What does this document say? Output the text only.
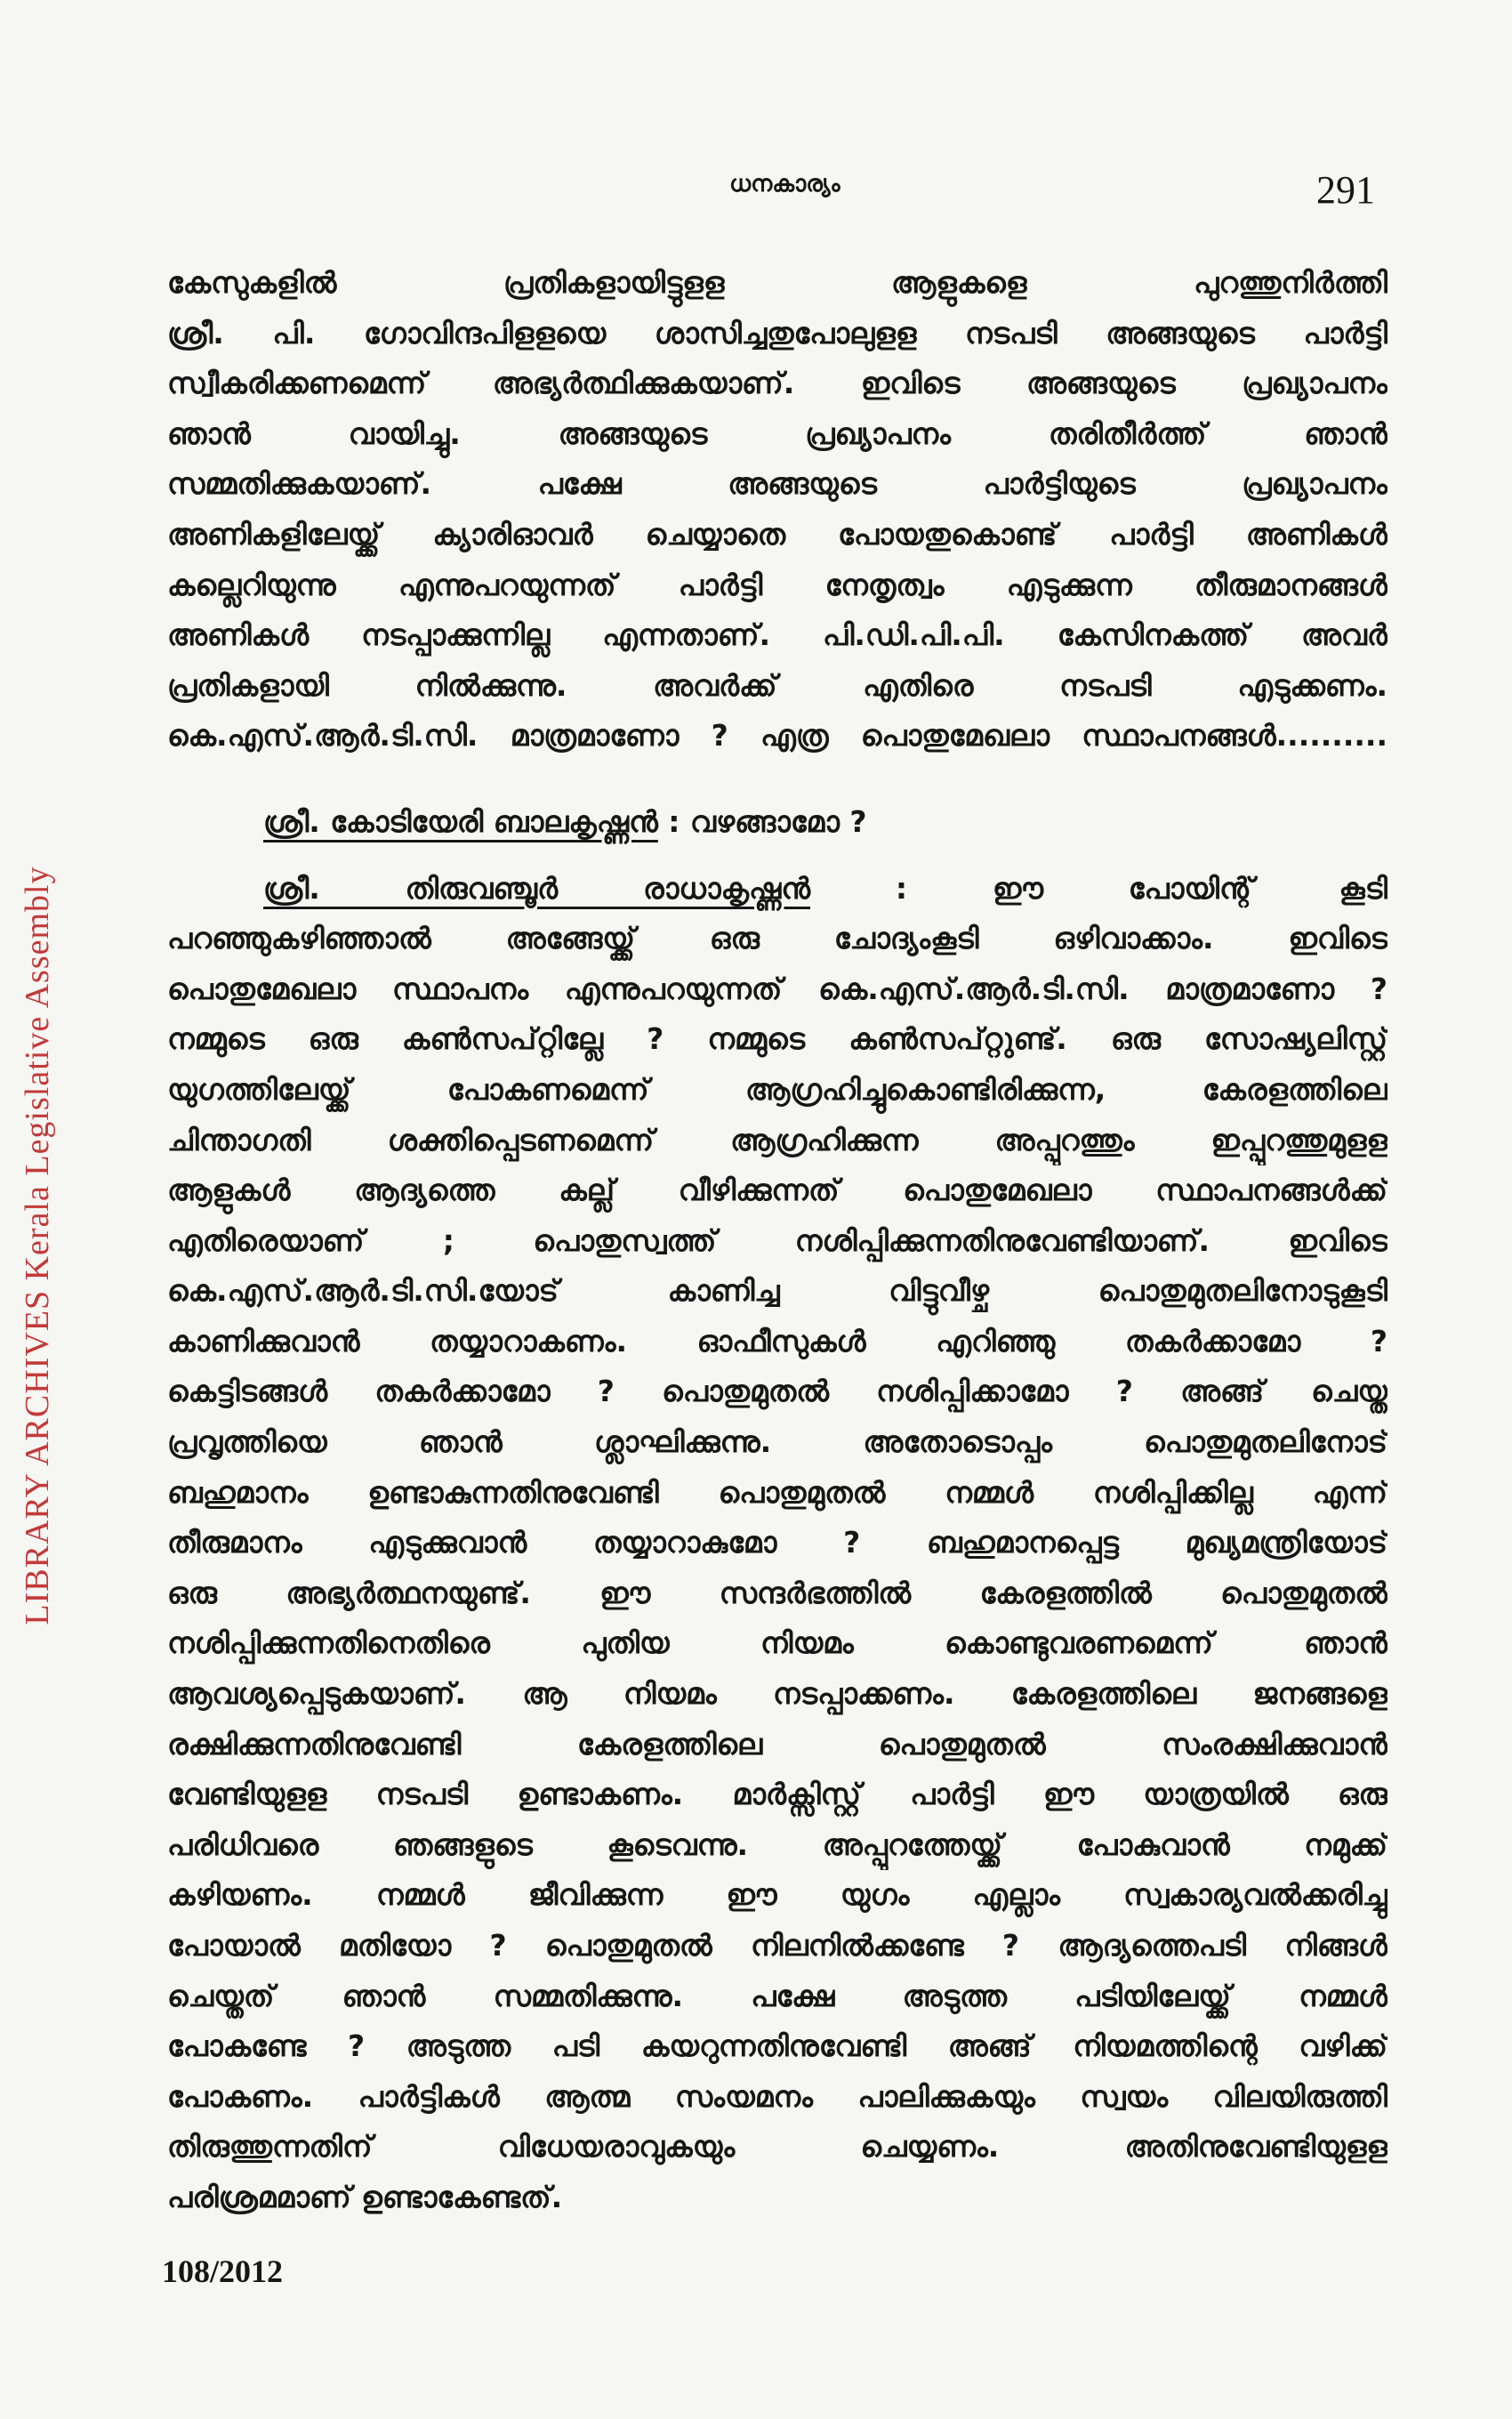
LIBRARY ARCHIVES Kerala Legislative Assembly
ധനകാര്യം	291
കേസുകളിൽ പ്രതികളായിട്ടുളള ആളുകളെ പുറത്തുനിർത്തി
ശ്രീ. പി. ഗോവിന്ദപിളളയെ ശാസിച്ചതുപോലുളള നടപടി അങ്ങയുടെ പാർട്ടി
സ്വീകരിക്കണമെന്ന് അഭ്യർത്ഥിക്കുകയാണ്. ഇവിടെ അങ്ങയുടെ പ്രഖ്യാപനം
ഞാൻ വായിച്ചു. അങ്ങയുടെ പ്രഖ്യാപനം തരിതീർത്ത് ഞാൻ
സമ്മതിക്കുകയാണ്. പക്ഷേ അങ്ങയുടെ പാർട്ടിയുടെ പ്രഖ്യാപനം
അണികളിലേയ്ക്ക് ക്യാരിഓവർ ചെയ്യാതെ പോയതുകൊണ്ട് പാർട്ടി അണികൾ
കല്ലെറിയുന്നു എന്നുപറയുന്നത് പാർട്ടി നേതൃത്വം എടുക്കുന്ന തീരുമാനങ്ങൾ
അണികൾ നടപ്പാക്കുന്നില്ല എന്നതാണ്. പി.ഡി.പി.പി. കേസിനകത്ത് അവർ
പ്രതികളായി നിൽക്കുന്നു. അവർക്ക് എതിരെ നടപടി എടുക്കണം.
കെ.എസ്.ആർ.ടി.സി. മാത്രമാണോ ? എത്ര പൊതുമേഖലാ സ്ഥാപനങ്ങൾ..........
ശ്രീ. കോടിയേരി ബാലകൃഷ്ണൻ : വഴങ്ങാമോ ?
ശ്രീ. തിരുവഞ്ചൂർ രാധാകൃഷ്ണൻ : ഈ പോയിന്റ് കൂടി
പറഞ്ഞുകഴിഞ്ഞാൽ അങ്ങേയ്ക്ക് ഒരു ചോദ്യംകൂടി ഒഴിവാക്കാം. ഇവിടെ
പൊതുമേഖലാ സ്ഥാപനം എന്നുപറയുന്നത് കെ.എസ്.ആർ.ടി.സി. മാത്രമാണോ ?
നമ്മുടെ ഒരു കൺസപ്റ്റില്ലേ ? നമ്മുടെ കൺസപ്റ്റുണ്ട്. ഒരു സോഷ്യലിസ്റ്റ്
യുഗത്തിലേയ്ക്ക് പോകണമെന്ന് ആഗ്രഹിച്ചുകൊണ്ടിരിക്കുന്ന, കേരളത്തിലെ
ചിന്താഗതി ശക്തിപ്പെടണമെന്ന് ആഗ്രഹിക്കുന്ന അപ്പുറത്തും ഇപ്പുറത്തുമുളള
ആളുകൾ ആദ്യത്തെ കല്ല് വീഴിക്കുന്നത് പൊതുമേഖലാ സ്ഥാപനങ്ങൾക്ക്
എതിരെയാണ് ; പൊതുസ്വത്ത് നശിപ്പിക്കുന്നതിനുവേണ്ടിയാണ്. ഇവിടെ
കെ.എസ്.ആർ.ടി.സി.യോട് കാണിച്ച വിട്ടുവീഴ്ച പൊതുമുതലിനോടുകൂടി
കാണിക്കുവാൻ തയ്യാറാകണം. ഓഫീസുകൾ എറിഞ്ഞു തകർക്കാമോ ?
കെട്ടിടങ്ങൾ തകർക്കാമോ ? പൊതുമുതൽ നശിപ്പിക്കാമോ ? അങ്ങ് ചെയ്ത
പ്രവൃത്തിയെ ഞാൻ ശ്ലാഘിക്കുന്നു. അതോടൊപ്പം പൊതുമുതലിനോട്
ബഹുമാനം ഉണ്ടാകുന്നതിനുവേണ്ടി പൊതുമുതൽ നമ്മൾ നശിപ്പിക്കില്ല എന്ന്
തീരുമാനം എടുക്കുവാൻ തയ്യാറാകുമോ ? ബഹുമാനപ്പെട്ട മുഖ്യമന്ത്രിയോട്
ഒരു അഭ്യർത്ഥനയുണ്ട്. ഈ സന്ദർഭത്തിൽ കേരളത്തിൽ പൊതുമുതൽ
നശിപ്പിക്കുന്നതിനെതിരെ പുതിയ നിയമം കൊണ്ടുവരണമെന്ന് ഞാൻ
ആവശ്യപ്പെടുകയാണ്. ആ നിയമം നടപ്പാക്കണം. കേരളത്തിലെ ജനങ്ങളെ
രക്ഷിക്കുന്നതിനുവേണ്ടി കേരളത്തിലെ പൊതുമുതൽ സംരക്ഷിക്കുവാൻ
വേണ്ടിയുളള നടപടി ഉണ്ടാകണം. മാർക്സിസ്റ്റ് പാർട്ടി ഈ യാത്രയിൽ ഒരു
പരിധിവരെ ഞങ്ങളുടെ കൂടെവന്നു. അപ്പുറത്തേയ്ക്ക് പോകുവാൻ നമുക്ക്
കഴിയണം. നമ്മൾ ജീവിക്കുന്ന ഈ യുഗം എല്ലാം സ്വകാര്യവൽക്കരിച്ചു
പോയാൽ മതിയോ ? പൊതുമുതൽ നിലനിൽക്കണ്ടേ ? ആദ്യത്തെപടി നിങ്ങൾ
ചെയ്തത് ഞാൻ സമ്മതിക്കുന്നു. പക്ഷേ അടുത്ത പടിയിലേയ്ക്ക് നമ്മൾ
പോകണ്ടേ ? അടുത്ത പടി കയറുന്നതിനുവേണ്ടി അങ്ങ് നിയമത്തിന്റെ വഴിക്ക്
പോകണം. പാർട്ടികൾ ആത്മ സംയമനം പാലിക്കുകയും സ്വയം വിലയിരുത്തി
തിരുത്തുന്നതിന് വിധേയരാവുകയും ചെയ്യണം. അതിനുവേണ്ടിയുളള
പരിശ്രമമാണ് ഉണ്ടാകേണ്ടത്.
108/2012
